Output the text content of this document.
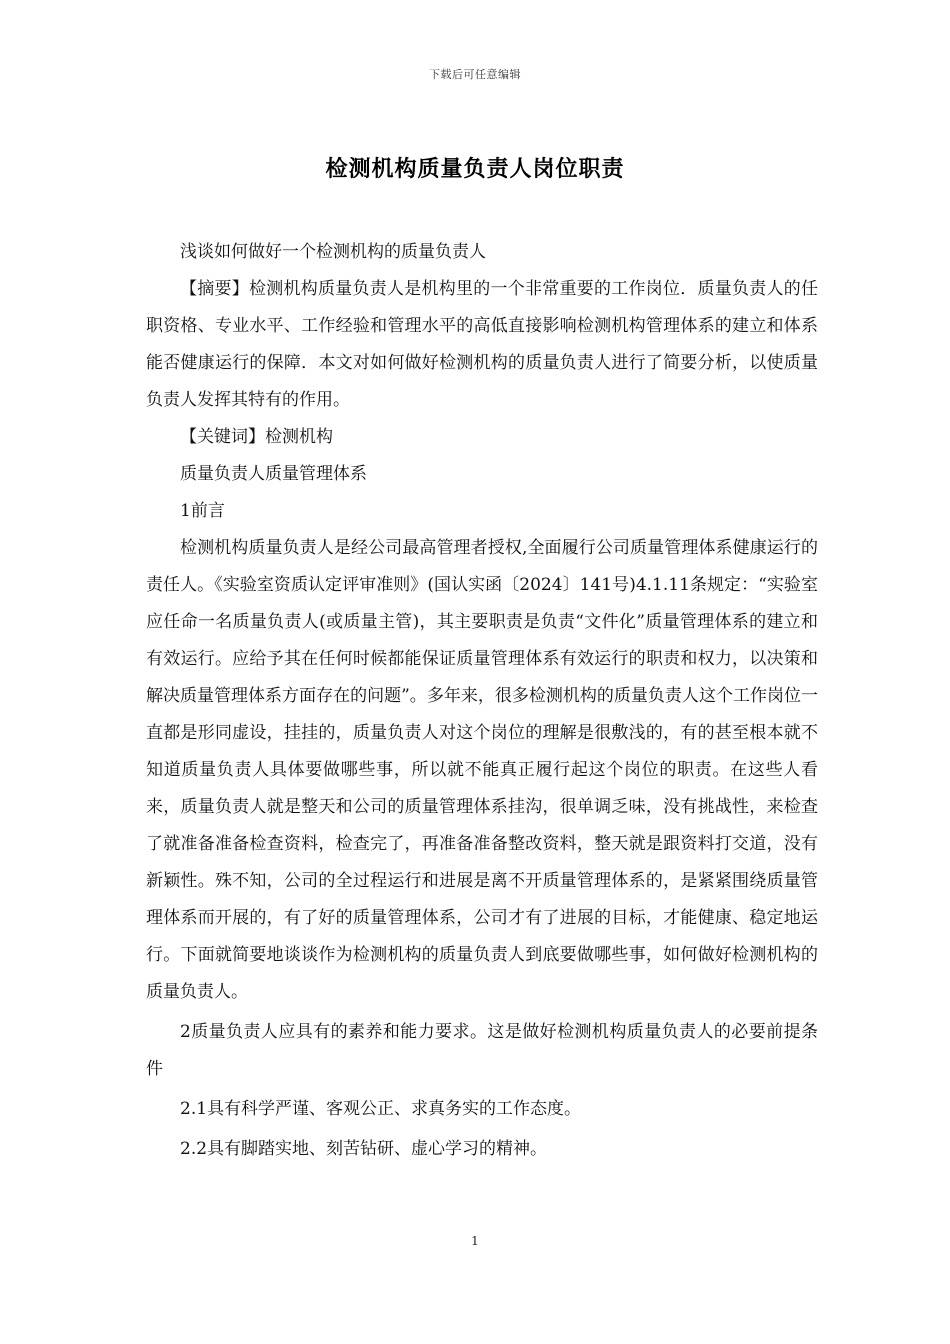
下载后可任意编辑
检测机构质量负责人岗位职责

浅谈如何做好一个检测机构的质量负责人

【摘要】检测机构质量负责人是机构里的一个非常重要的工作岗位．质量负责人的任职资格、专业水平、工作经验和管理水平的高低直接影响检测机构管理体系的建立和体系能否健康运行的保障．本文对如何做好检测机构的质量负责人进行了简要分析，以使质量负责人发挥其特有的作用。

【关键词】检测机构

质量负责人质量管理体系

1前言

检测机构质量负责人是经公司最高管理者授权,全面履行公司质量管理体系健康运行的责任人。《实验室资质认定评审准则》(国认实函〔2024〕141号)4.1.11条规定：“实验室应任命一名质量负责人(或质量主管)，其主要职责是负责“文件化”质量管理体系的建立和有效运行。应给予其在任何时候都能保证质量管理体系有效运行的职责和权力，以决策和解决质量管理体系方面存在的问题”。多年来，很多检测机构的质量负责人这个工作岗位一直都是形同虚设，挂挂的，质量负责人对这个岗位的理解是很敷浅的，有的甚至根本就不知道质量负责人具体要做哪些事，所以就不能真正履行起这个岗位的职责。在这些人看来，质量负责人就是整天和公司的质量管理体系挂沟，很单调乏味，没有挑战性，来检查了就准备准备检查资料，检查完了，再准备准备整改资料，整天就是跟资料打交道，没有新颖性。殊不知，公司的全过程运行和进展是离不开质量管理体系的，是紧紧围绕质量管理体系而开展的，有了好的质量管理体系，公司才有了进展的目标，才能健康、稳定地运行。下面就简要地谈谈作为检测机构的质量负责人到底要做哪些事，如何做好检测机构的质量负责人。

2质量负责人应具有的素养和能力要求。这是做好检测机构质量负责人的必要前提条件

2.1具有科学严谨、客观公正、求真务实的工作态度。

2.2具有脚踏实地、刻苦钻研、虚心学习的精神。

1
